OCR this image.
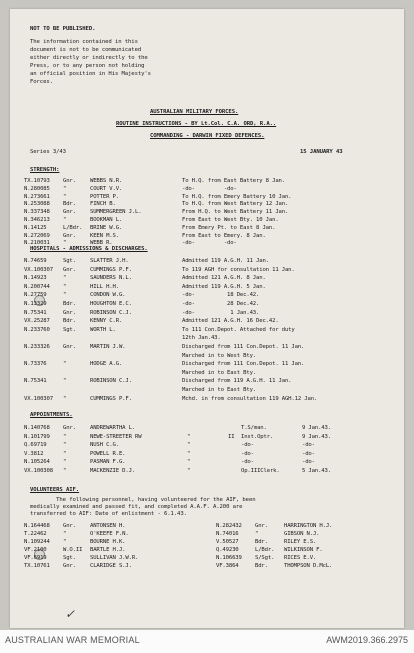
NOT TO BE PUBLISHED.
The information contained in this
document is not to be communicated
either directly or indirectly to the
Press, or to any person not holding
an official position in His Majesty's
Forces.
AUSTRALIAN MILITARY FORCES.
ROUTINE INSTRUCTIONS - BY Lt.Col. C.A. ORD, R.A..
COMMANDING - DARWIN FIXED DEFENCES.
Series 3/43	15 JANUARY 43
STRENGTH:
TX.10793	Gnr.	WEBBS N.R.	To H.Q. from East Battery 8 Jan.
N.280085	"	COURT V.V.	-do-         -do-
N.273661	"	POTTER P.	To H.Q. from Emery Battery 10 Jan.
N.253088	Bdr.	FINCH B.	To H.Q. from West Battery 12 Jan.
N.337348	Gnr.	SUMMERGREEN J.L.	From H.Q. to West Battery 11 Jan.
N.346213	"	BOOKMAN L.	From East to West Bty. 10 Jan.
N.14125	L/Bdr.	BRINE W.G.	From Emery Pt. to East 8 Jan.
N.272069	Gnr.	KEEN M.S.	From East to Emery. 8 Jan.
N.210031	"	WEBB R.	-do-         -do-
HOSPITALS - ADMISSIONS & DISCHARGES.
N.74659	Sgt.	SLATTER J.H.	Admitted 119 A.G.H. 11 Jan.
VX.100307	Gnr.	CUMMINGS P.F.	To 119 AGH for consultation 11 Jan.
N.14923	"	SAUNDERS N.L.	Admitted 121 A.G.H. 8 Jan.
N.200744	"	HILL H.H.	Admitted 119 A.G.H. 5 Jan.
N.27759	"	CONDON W.G.	-do-          18 Dec.42.
N.13329	Bdr.	HOUGHTON E.C.	-do-          28 Dec.42.
N.75341	Gnr.	ROBINSON C.J.	-do-           1 Jan.43.
VX.25287	Bdr.	KENNY C.R.	Admitted 121 A.G.H. 16 Dec.42.
N.233760	Sgt.	WORTH L.	To 111 Con.Depot. Attached for duty
12th Jan.43.
N.233326	Gnr.	MARTIN J.W.	Discharged from 111 Con.Depot. 11 Jan.
Marched in to West Bty.
N.73376	"	HODGE A.G.	Discharged from 111 Con.Depot. 11 Jan.
Marched in to East Bty.
N.75341	"	ROBINSON C.J.	Discharged from 119 A.G.H. 11 Jan.
Marched in to East Bty.
VX.100307	"	CUMMINGS P.F.	Mchd. in from consultation 119 AGH.12 Jan.
APPOINTMENTS.
N.140768	Gnr.	ANDREWARTHA L.	T.S/man.	9 Jan.43.
N.101799	"	NEWE-STREETER RW	"	II	Inst.Optr.	9 Jan.43.
Q.69719	"	NUSH C.G.	"	-do-	-do-
V.3812	"	POWELL R.E.	"	-do-	-do-
N.105264	"	PASMAN F.G.	"	-do-	-do-
VX.100308	"	MACKENZIE D.J.	"	Op.IIIClerk.	5 Jan.43.
VOLUNTEERS AIF.
The following personnel, having volunteered for the AIF, been
medically examined and passed fit, and completed A.A.F. A.200 are
transferred to AIF: Date of enlistment - 6.1.43.
N.164468	Gnr.	ANTONSEN H.	N.282432	Gnr.	HARRINGTON H.J.
T.22462	"	O'KEEFE F.N.	N.74016	"	GIBSON N.J.
N.109244	"	BOURNE H.K.	V.50527	Bdr.	RILEY E.S.
VF.2100	W.O.II	BARTLE H.J.	Q.49230	L/Bdr.	WILKINSON F.
VF.6919	Sgt.	SULLIVAN J.W.R.	N.106639	S/Sgt.	RICES E.V.
TX.10761	Gnr.	CLARIDGE S.J.	VF.3864	Bdr.	THOMPSON D.McL.
✓
AUSTRALIAN WAR MEMORIAL	AWM2019.366.2975
